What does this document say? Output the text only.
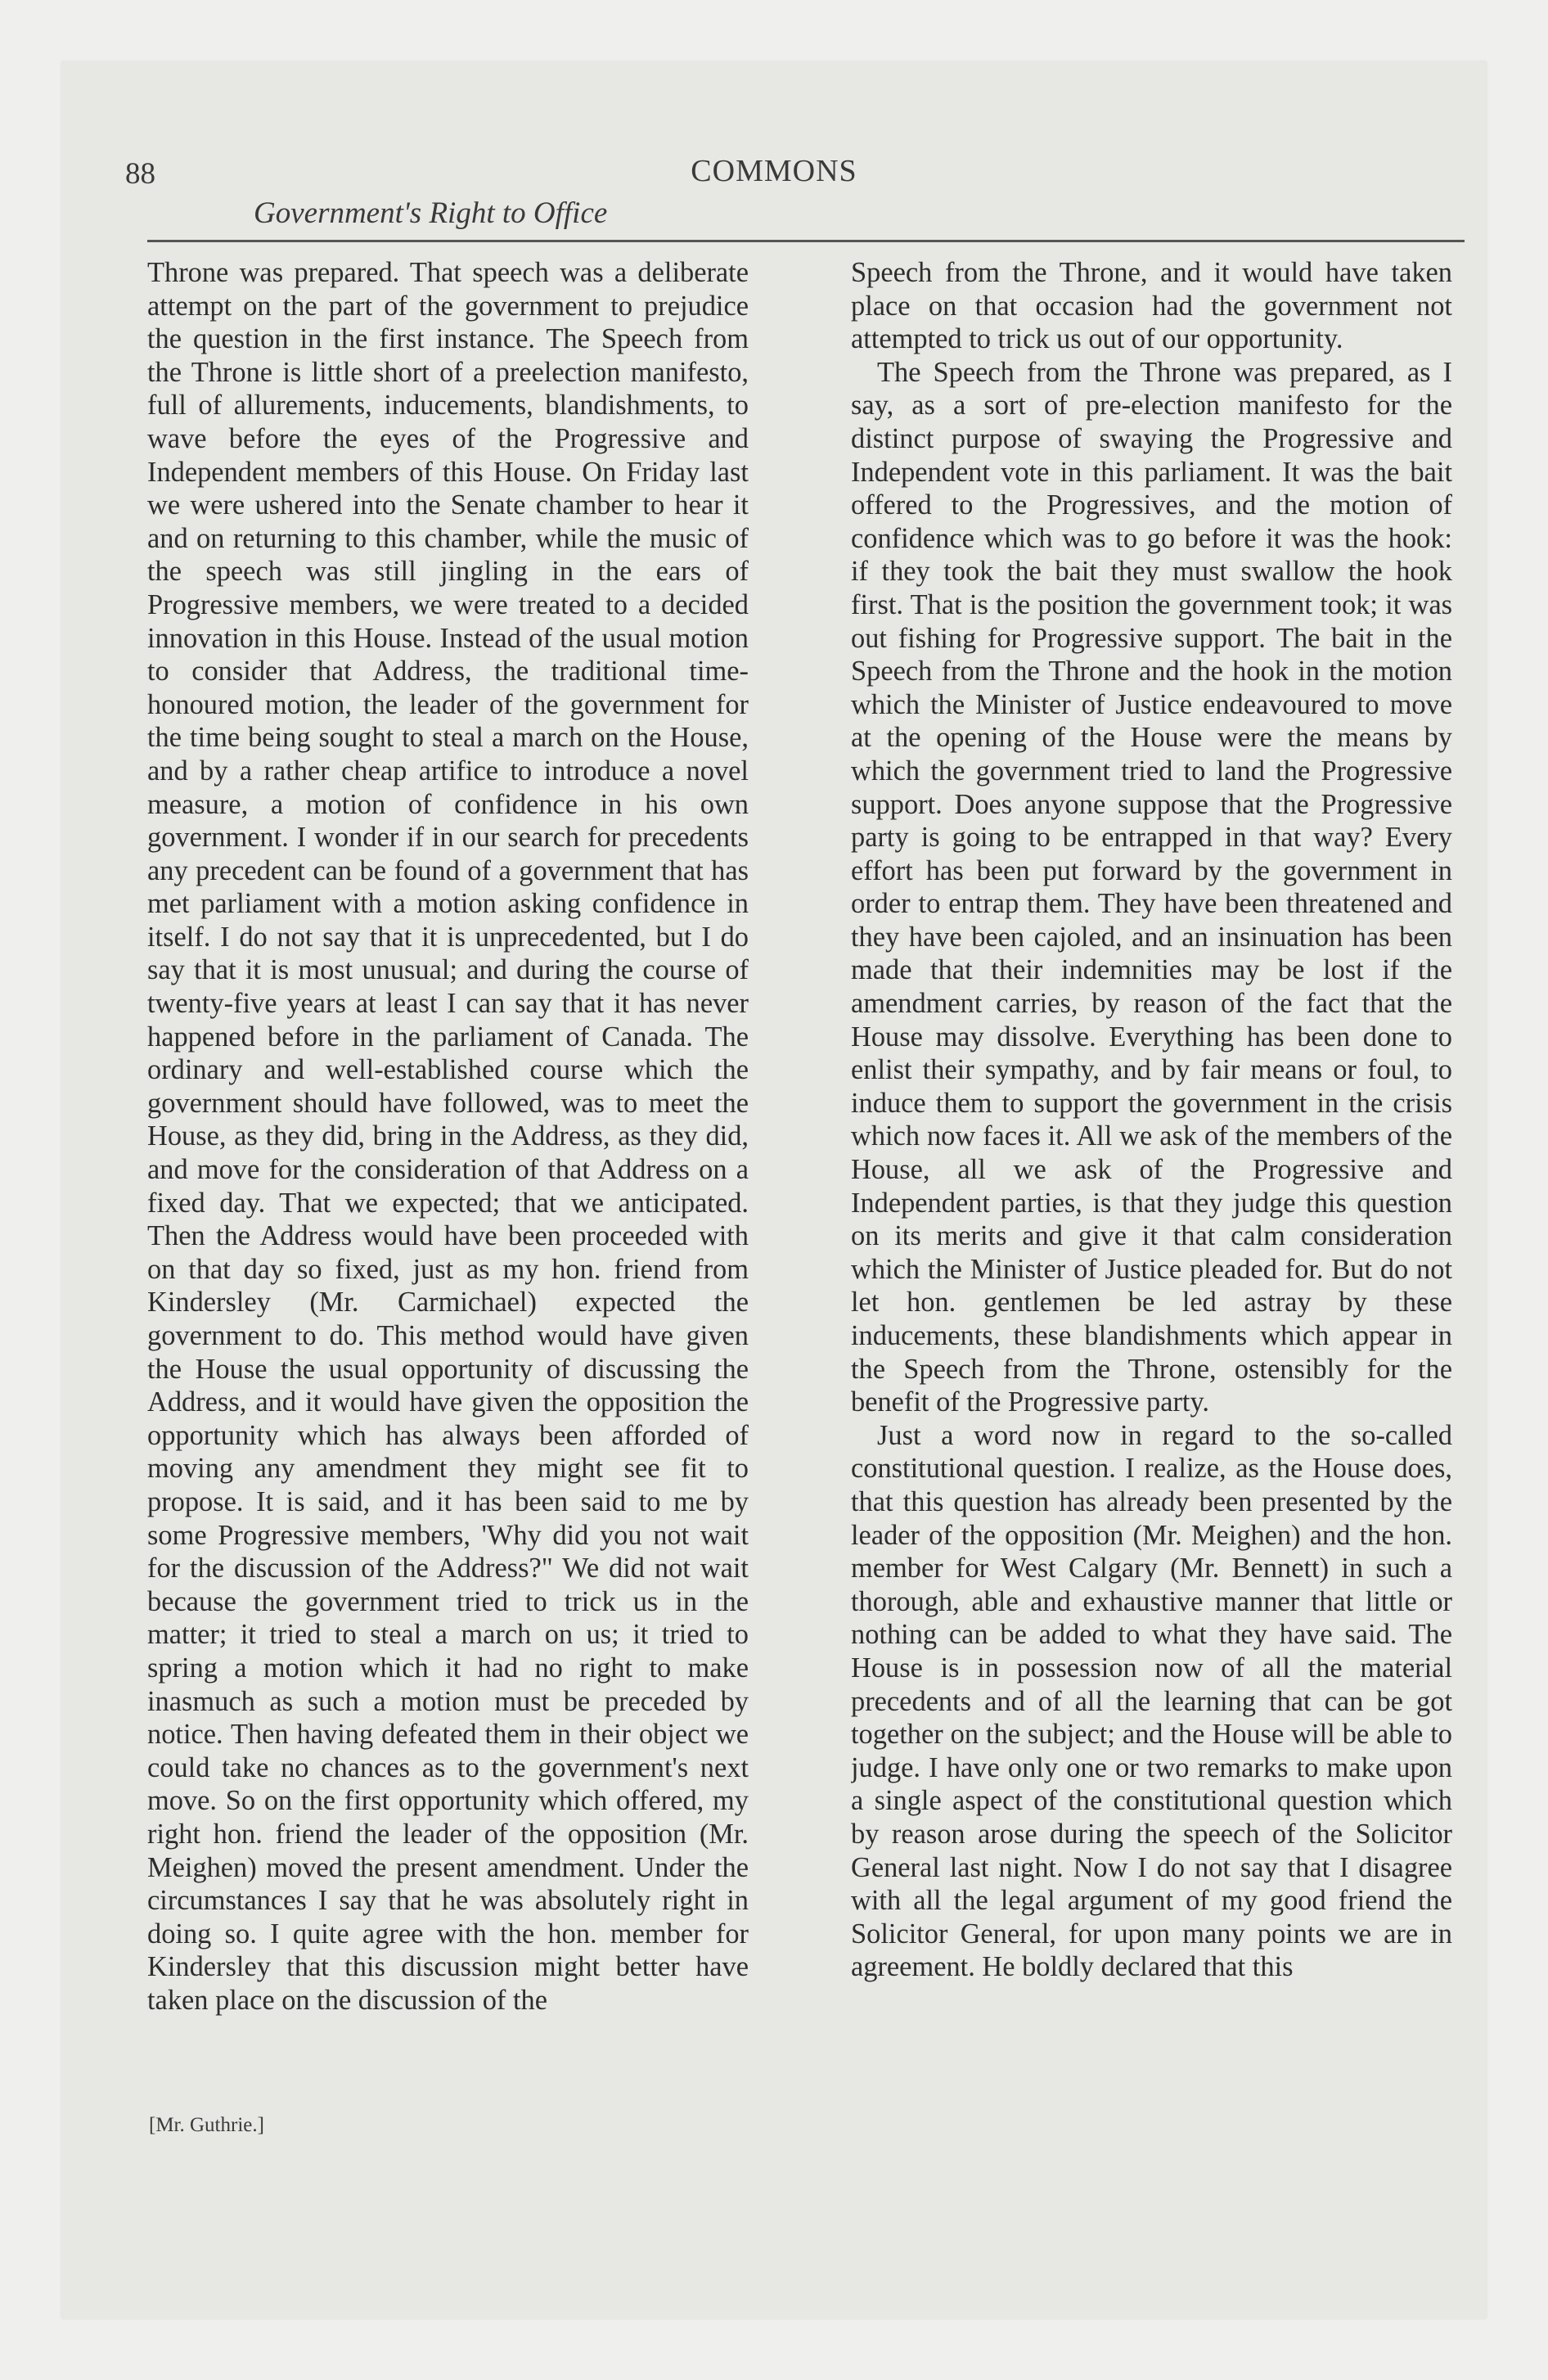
88	COMMONS
Government's Right to Office

Throne was prepared. That speech was a deliberate attempt on the part of the government to prejudice the question in the first instance. The Speech from the Throne is little short of a preelection manifesto, full of allurements, inducements, blandishments, to wave before the eyes of the Progressive and Independent members of this House. On Friday last we were ushered into the Senate chamber to hear it and on returning to this chamber, while the music of the speech was still jingling in the ears of Progressive members, we were treated to a decided innovation in this House. Instead of the usual motion to consider that Address, the traditional time-honoured motion, the leader of the government for the time being sought to steal a march on the House, and by a rather cheap artifice to introduce a novel measure, a motion of confidence in his own government. I wonder if in our search for precedents any precedent can be found of a government that has met parliament with a motion asking confidence in itself. I do not say that it is unprecedented, but I do say that it is most unusual; and during the course of twenty-five years at least I can say that it has never happened before in the parliament of Canada. The ordinary and well-established course which the government should have followed, was to meet the House, as they did, bring in the Address, as they did, and move for the consideration of that Address on a fixed day. That we expected; that we anticipated. Then the Address would have been proceeded with on that day so fixed, just as my hon. friend from Kindersley (Mr. Carmichael) expected the government to do. This method would have given the House the usual opportunity of discussing the Address, and it would have given the opposition the opportunity which has always been afforded of moving any amendment they might see fit to propose. It is said, and it has been said to me by some Progressive members, 'Why did you not wait for the discussion of the Address?" We did not wait because the government tried to trick us in the matter; it tried to steal a march on us; it tried to spring a motion which it had no right to make inasmuch as such a motion must be preceded by notice. Then having defeated them in their object we could take no chances as to the government's next move. So on the first opportunity which offered, my right hon. friend the leader of the opposition (Mr. Meighen) moved the present amendment. Under the circumstances I say that he was absolutely right in doing so. I quite agree with the hon. member for Kindersley that this discussion might better have taken place on the discussion of the

Speech from the Throne, and it would have taken place on that occasion had the government not attempted to trick us out of our opportunity.

The Speech from the Throne was prepared, as I say, as a sort of pre-election manifesto for the distinct purpose of swaying the Progressive and Independent vote in this parliament. It was the bait offered to the Progressives, and the motion of confidence which was to go before it was the hook: if they took the bait they must swallow the hook first. That is the position the government took; it was out fishing for Progressive support. The bait in the Speech from the Throne and the hook in the motion which the Minister of Justice endeavoured to move at the opening of the House were the means by which the government tried to land the Progressive support. Does anyone suppose that the Progressive party is going to be entrapped in that way? Every effort has been put forward by the government in order to entrap them. They have been threatened and they have been cajoled, and an insinuation has been made that their indemnities may be lost if the amendment carries, by reason of the fact that the House may dissolve. Everything has been done to enlist their sympathy, and by fair means or foul, to induce them to support the government in the crisis which now faces it. All we ask of the members of the House, all we ask of the Progressive and Independent parties, is that they judge this question on its merits and give it that calm consideration which the Minister of Justice pleaded for. But do not let hon. gentlemen be led astray by these inducements, these blandishments which appear in the Speech from the Throne, ostensibly for the benefit of the Progressive party.

Just a word now in regard to the so-called constitutional question. I realize, as the House does, that this question has already been presented by the leader of the opposition (Mr. Meighen) and the hon. member for West Calgary (Mr. Bennett) in such a thorough, able and exhaustive manner that little or nothing can be added to what they have said. The House is in possession now of all the material precedents and of all the learning that can be got together on the subject; and the House will be able to judge. I have only one or two remarks to make upon a single aspect of the constitutional question which by reason arose during the speech of the Solicitor General last night. Now I do not say that I disagree with all the legal argument of my good friend the Solicitor General, for upon many points we are in agreement. He boldly declared that this

[Mr. Guthrie.]
